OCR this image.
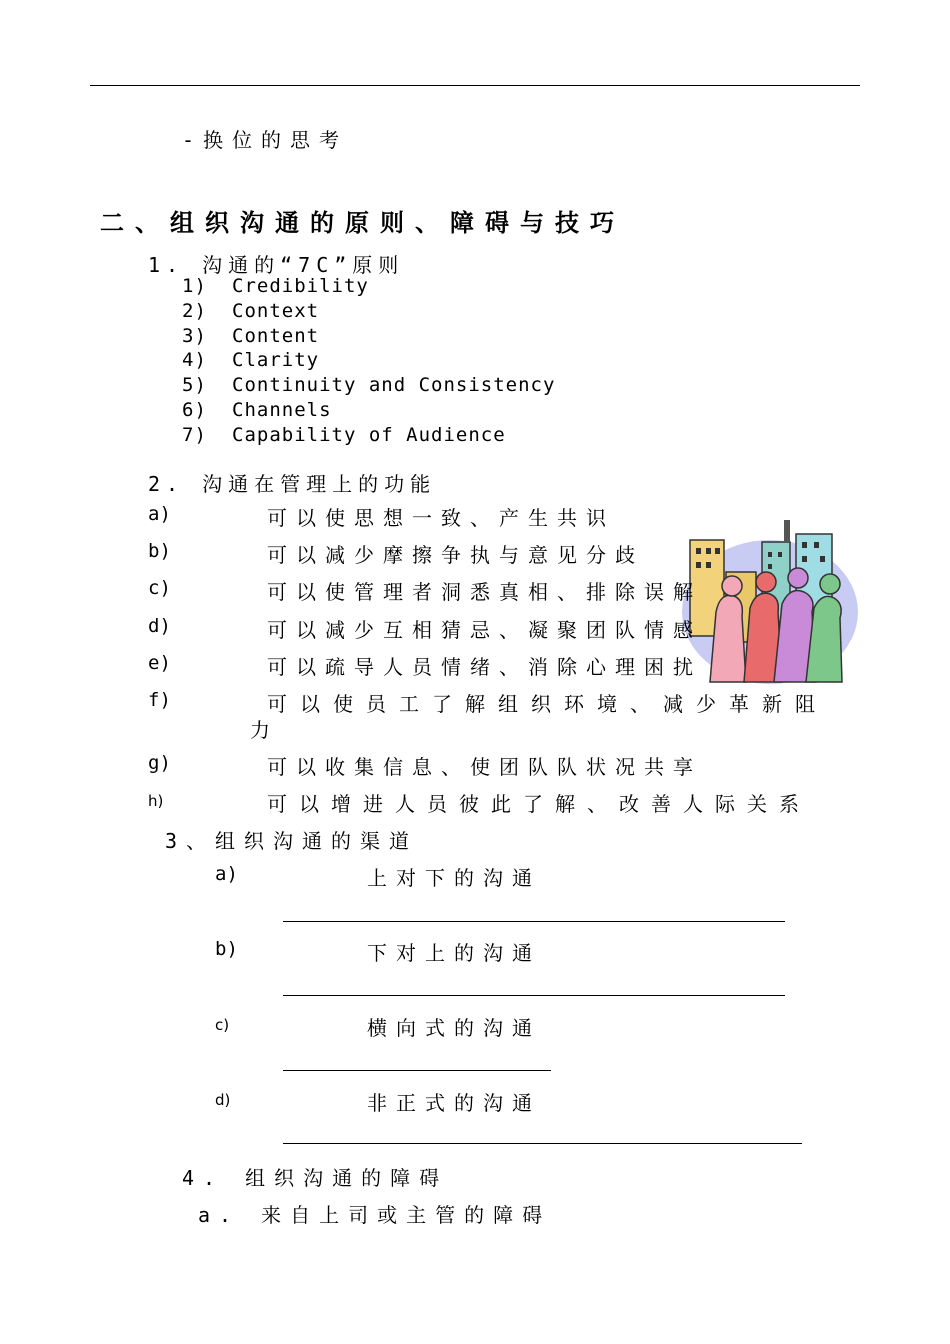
-换位的思考
二、组织沟通的原则、障碍与技巧
1. 沟通的“7C”原则
1) Credibility
2) Context
3) Content
4) Clarity
5) Continuity and Consistency
6) Channels
7) Capability of Audience
2. 沟通在管理上的功能
a)	可以使思想一致、产生共识
b)	可以减少摩擦争执与意见分歧
c)	可以使管理者洞悉真相、排除误解
d)	可以减少互相猜忌、凝聚团队情感
e)	可以疏导人员情绪、消除心理困扰
f)	可以使员工了解组织环境、减少革新阻
力
g)	可以收集信息、使团队队状况共享
h)	可以增进人员彼此了解、改善人际关系
3、组织沟通的渠道
a)	上对下的沟通
b)	下对上的沟通
c)	横向式的沟通
d)	非正式的沟通
4. 组织沟通的障碍
a. 来自上司或主管的障碍
